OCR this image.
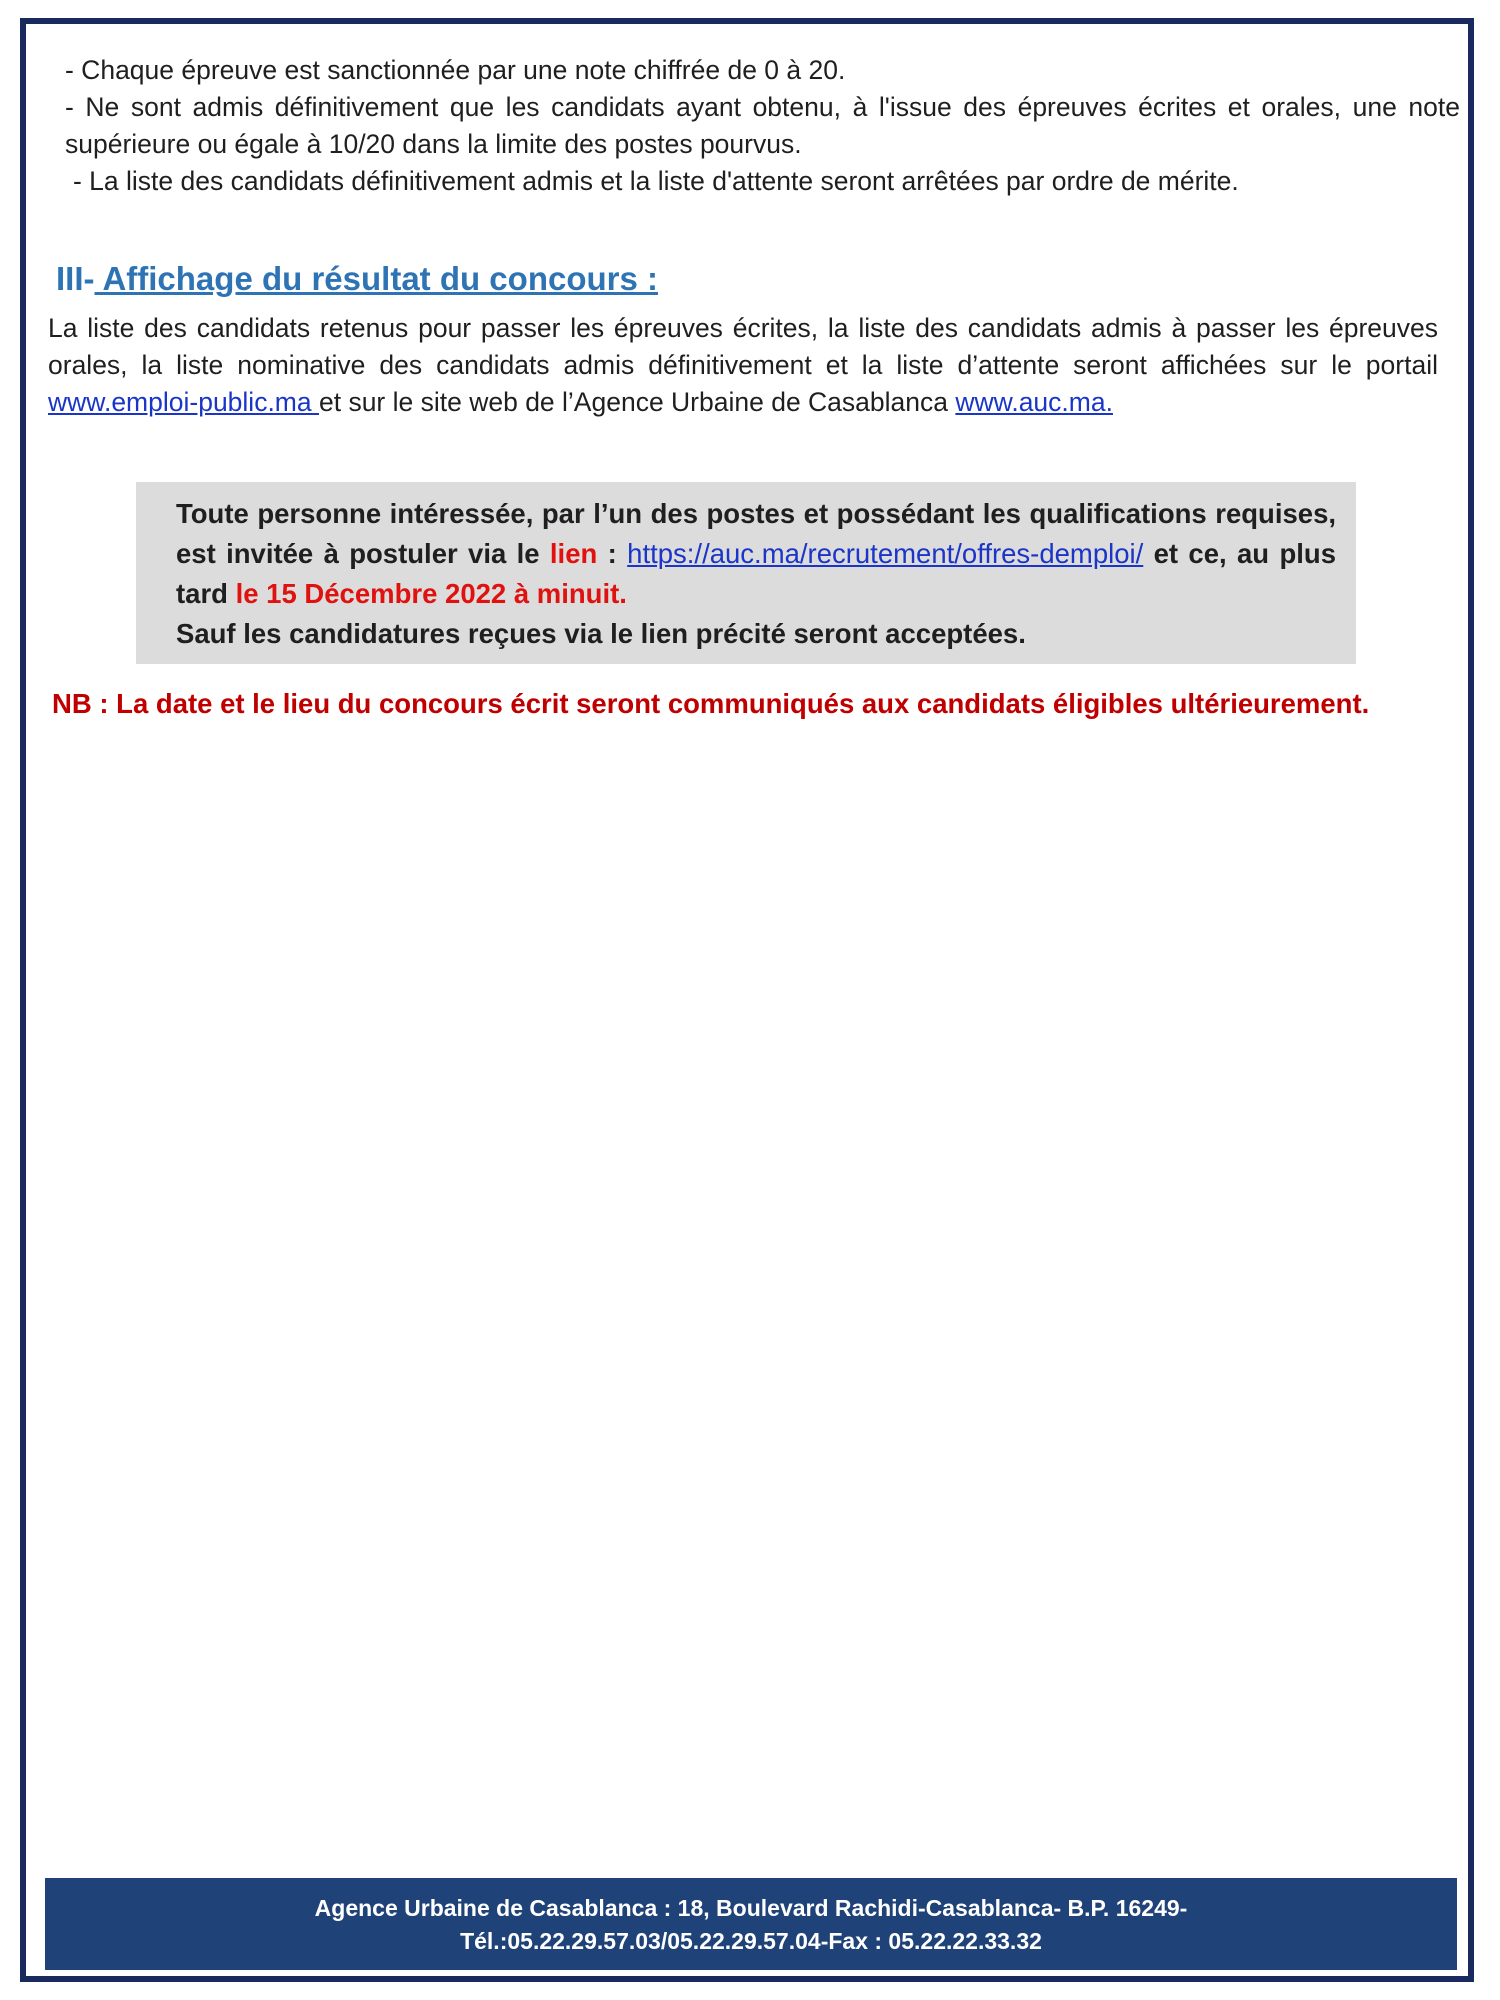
- Chaque épreuve est sanctionnée par une note chiffrée de 0 à 20.

- Ne sont admis définitivement que les candidats ayant obtenu, à l'issue des épreuves écrites et orales, une note supérieure ou égale à 10/20 dans la limite des postes pourvus.

- La liste des candidats définitivement admis et la liste d'attente seront arrêtées par ordre de mérite.

III- Affichage du résultat du concours :
La liste des candidats retenus pour passer les épreuves écrites, la liste des candidats admis à passer les épreuves orales, la liste nominative des candidats admis définitivement et la liste d’attente seront affichées sur le portail www.emploi-public.ma et sur le site web de l’Agence Urbaine de Casablanca www.auc.ma.
Toute personne intéressée, par l’un des postes et possédant les qualifications requises, est invitée à postuler via le lien : https://auc.ma/recrutement/offres-demploi/ et ce, au plus tard le 15 Décembre 2022 à minuit.
Sauf les candidatures reçues via le lien précité seront acceptées.
NB : La date et le lieu du concours écrit seront communiqués aux candidats éligibles ultérieurement.
Agence Urbaine de Casablanca : 18, Boulevard Rachidi-Casablanca- B.P. 16249-
Tél.:05.22.29.57.03/05.22.29.57.04-Fax : 05.22.22.33.32
